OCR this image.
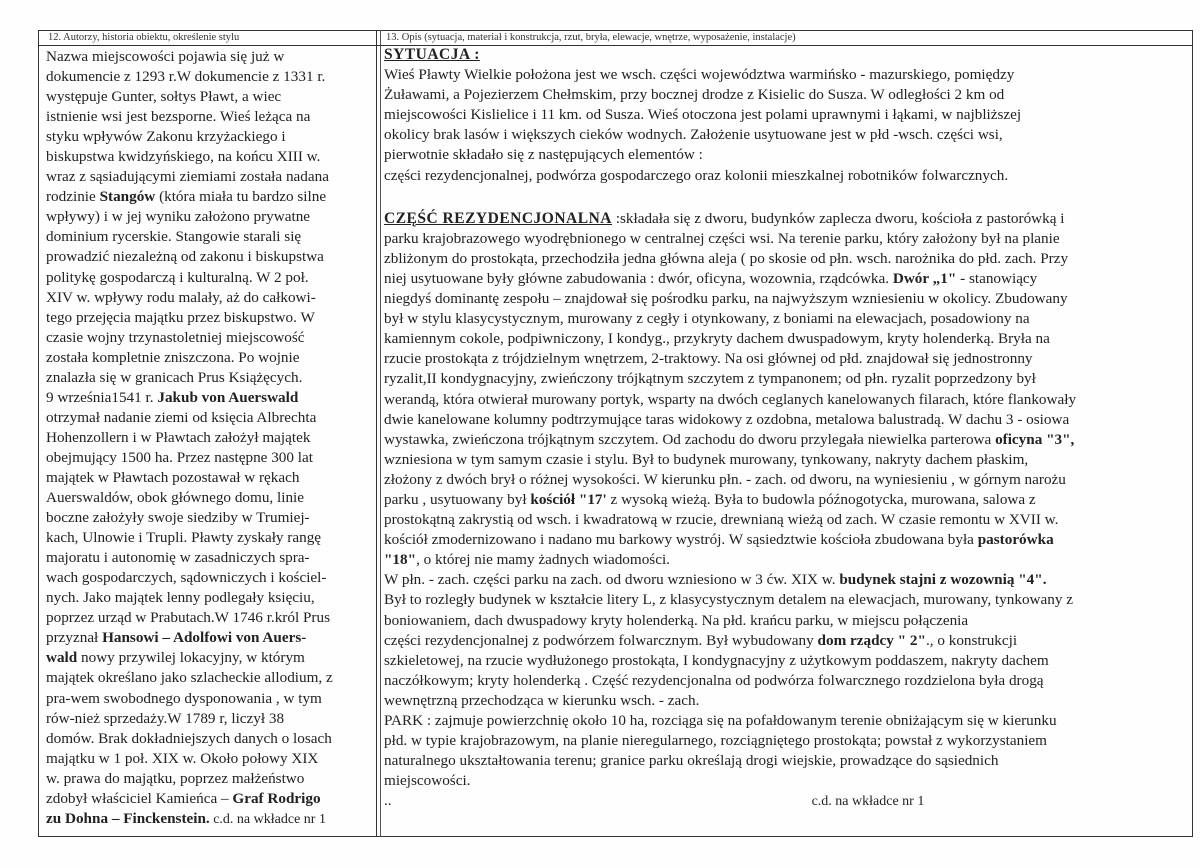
12. Autorzy, historia obiektu, określenie stylu	13. Opis (sytuacja, materiał i konstrukcja, rzut, bryła, elewacje, wnętrze, wyposażenie, instalacje)
Nazwa miejscowości pojawia się już w
dokumencie z 1293 r.W dokumencie z 1331 r.
występuje Gunter, sołtys Pławt, a wiec
istnienie wsi jest bezsporne. Wieś leżąca na
styku wpływów Zakonu krzyżackiego i
biskupstwa kwidzyńskiego, na końcu XIII w.
wraz z sąsiadującymi ziemiami została nadana
rodzinie Stangów (która miała tu bardzo silne
wpływy) i w jej wyniku założono prywatne
dominium rycerskie. Stangowie starali się
prowadzić niezależną od zakonu i biskupstwa
politykę gospodarczą i kulturalną. W 2 poł.
XIV w. wpływy rodu malały, aż do całkowi-
tego przejęcia majątku przez biskupstwo. W
czasie wojny trzynastoletniej miejscowość
została kompletnie zniszczona. Po wojnie
znalazła się w granicach Prus Książęcych.
9 września1541 r. Jakub von Auerswald
otrzymał nadanie ziemi od księcia Albrechta
Hohenzollern i w Pławtach założył majątek
obejmujący 1500 ha. Przez następne 300 lat
majątek w Pławtach pozostawał w rękach
Auerswaldów, obok głównego domu, linie
boczne założyły swoje siedziby w Trumiej-
kach, Ulnowie i Trupli. Pławty zyskały rangę
majoratu i autonomię w zasadniczych spra-
wach gospodarczych, sądowniczych i kościel-
nych. Jako majątek lenny podlegały księciu,
poprzez urząd w Prabutach.W 1746 r.król Prus
przyznał Hansowi – Adolfowi von Auers-
wald nowy przywilej lokacyjny, w którym
majątek określano jako szlacheckie allodium, z
pra-wem swobodnego dysponowania , w tym
rów-nież sprzedaży.W 1789 r, liczył 38
domów. Brak dokładniejszych danych o losach
majątku w 1 poł. XIX w. Około połowy XIX
w. prawa do majątku, poprzez małżeństwo
zdobył właściciel Kamieńca – Graf Rodrigo
zu Dohna – Finckenstein. c.d. na wkładce nr 1
SYTUACJA :
Wieś Pławty Wielkie położona jest we wsch. części województwa warmińsko - mazurskiego, pomiędzy
Żuławami, a Pojezierzem Chełmskim, przy bocznej drodze z Kisielic do Susza. W odległości 2 km od
miejscowości Kislielice i 11 km. od Susza. Wieś otoczona jest polami uprawnymi i łąkami, w najbliższej
okolicy brak lasów i większych cieków wodnych. Założenie usytuowane jest w płd -wsch. części wsi,
pierwotnie składało się z następujących elementów :
części rezydencjonalnej, podwórza gospodarczego oraz kolonii mieszkalnej robotników folwarcznych.
CZĘŚĆ REZYDENCJONALNA :składała się z dworu, budynków zaplecza dworu, kościoła z pastorówką i
parku krajobrazowego wyodrębnionego w centralnej części wsi. Na terenie parku, który założony był na planie
zbliżonym do prostokąta, przechodziła jedna główna aleja ( po skosie od płn. wsch. narożnika do płd. zach. Przy
niej usytuowane były główne zabudowania : dwór, oficyna, wozownia, rządcówka. Dwór „1" - stanowiący
niegdyś dominantę zespołu – znajdował się pośrodku parku, na najwyższym wzniesieniu w okolicy. Zbudowany
był w stylu klasycystycznym, murowany z cegły i otynkowany, z boniami na elewacjach, posadowiony na
kamiennym cokole, podpiwniczony, I kondyg., przykryty dachem dwuspadowym, kryty holenderką. Bryła na
rzucie prostokąta z trójdzielnym wnętrzem, 2-traktowy. Na osi głównej od płd. znajdował się jednostronny
ryzalit,II kondygnacyjny, zwieńczony trójkątnym szczytem z tympanonem; od płn. ryzalit poprzedzony był
werandą, która otwierał murowany portyk, wsparty na dwóch ceglanych kanelowanych filarach, które flankowały
dwie kanelowane kolumny podtrzymujące taras widokowy z ozdobna, metalowa balustradą. W dachu 3 - osiowa
wystawka, zwieńczona trójkątnym szczytem. Od zachodu do dworu przylegała niewielka parterowa oficyna "3",
wzniesiona w tym samym czasie i stylu. Był to budynek murowany, tynkowany, nakryty dachem płaskim,
złożony z dwóch brył o różnej wysokości. W kierunku płn. - zach. od dworu, na wyniesieniu , w górnym narożu
parku , usytuowany był kościół "17' z wysoką wieżą. Była to budowla późnogotycka, murowana, salowa z
prostokątną zakrystią od wsch. i kwadratową w rzucie, drewnianą wieżą od zach. W czasie remontu w XVII w.
kościół zmodernizowano i nadano mu barkowy wystrój. W sąsiedztwie kościoła zbudowana była pastorówka
"18", o której nie mamy żadnych wiadomości.
W płn. - zach. części parku na zach. od dworu wzniesiono w 3 ćw. XIX w. budynek stajni z wozownią "4".
Był to rozległy budynek w kształcie litery L, z klasycystycznym detalem na elewacjach, murowany, tynkowany z
boniowaniem, dach dwuspadowy kryty holenderką. Na płd. krańcu parku, w miejscu połączenia
części rezydencjonalnej z podwórzem folwarcznym. Był wybudowany dom rządcy " 2"., o konstrukcji
szkieletowej, na rzucie wydłużonego prostokąta, I kondygnacyjny z użytkowym poddaszem, nakryty dachem
naczółkowym; kryty holenderką . Część rezydencjonalna od podwórza folwarcznego rozdzielona była drogą
wewnętrzną przechodząca w kierunku wsch. - zach.
PARK : zajmuje powierzchnię około 10 ha, rozciąga się na pofałdowanym terenie obniżającym się w kierunku
płd. w typie krajobrazowym, na planie nieregularnego, rozciągniętego prostokąta; powstał z wykorzystaniem
naturalnego ukształtowania terenu; granice parku określają drogi wiejskie, prowadzące do sąsiednich
miejscowości.
..	c.d. na wkładce nr 1
